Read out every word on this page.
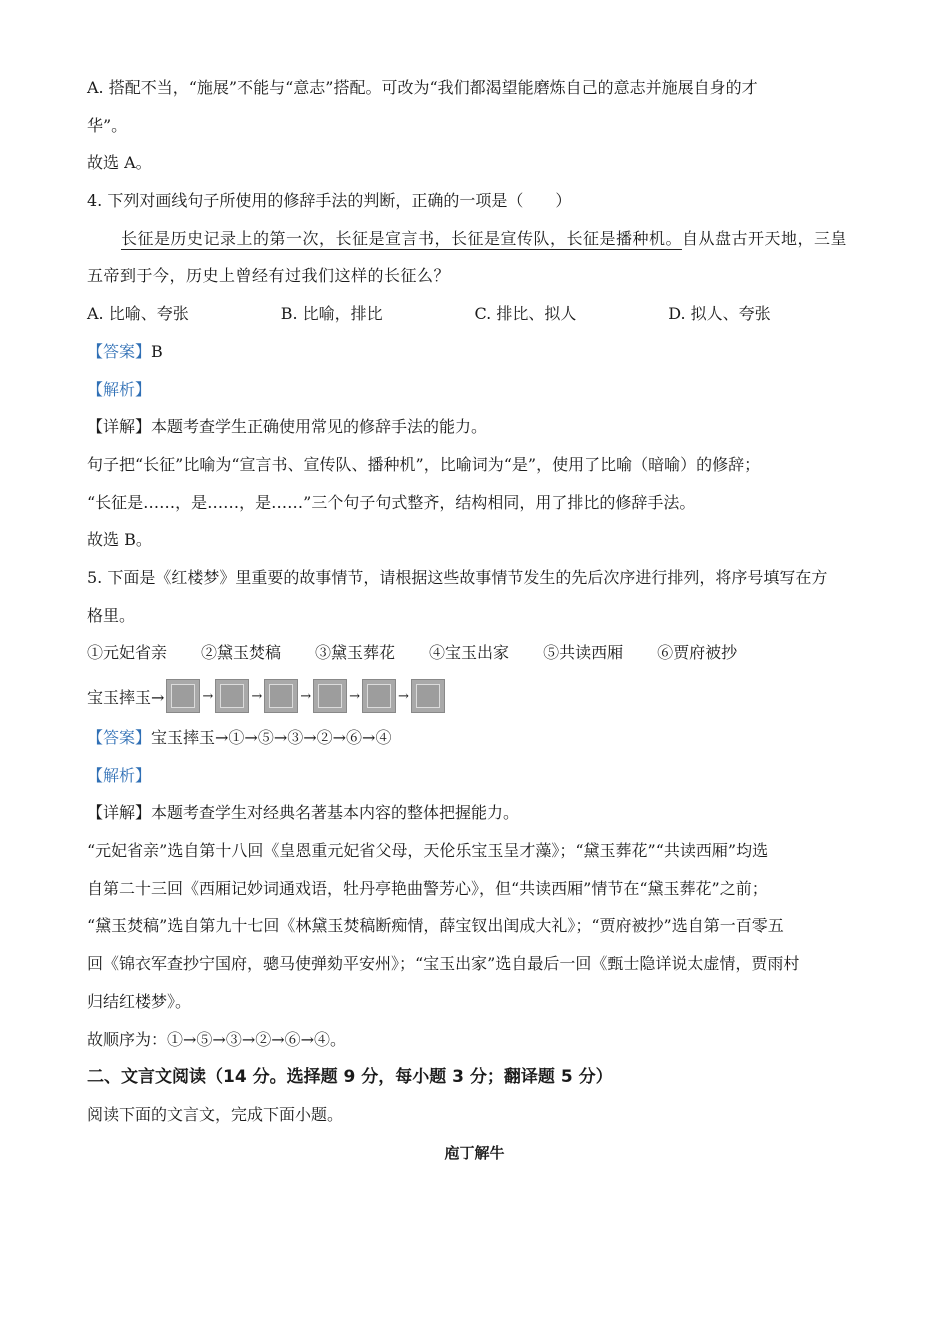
A. 搭配不当，“施展”不能与“意志”搭配。可改为“我们都渴望能磨炼自己的意志并施展自身的才
华”。
故选 A。
4. 下列对画线句子所使用的修辞手法的判断，正确的一项是（　　）
长征是历史记录上的第一次，长征是宣言书，长征是宣传队，长征是播种机。自从盘古开天地，三皇
五帝到于今，历史上曾经有过我们这样的长征么？
A. 比喻、夸张	B. 比喻，排比	C. 排比、拟人	D. 拟人、夸张
【答案】B
【解析】
【详解】本题考查学生正确使用常见的修辞手法的能力。
句子把“长征”比喻为“宣言书、宣传队、播种机”，比喻词为“是”，使用了比喻（暗喻）的修辞；
“长征是……，是……，是……”三个句子句式整齐，结构相同，用了排比的修辞手法。
故选 B。
5. 下面是《红楼梦》里重要的故事情节，请根据这些故事情节发生的先后次序进行排列，将序号填写在方
格里。
①元妃省亲 ②黛玉焚稿 ③黛玉葬花 ④宝玉出家 ⑤共读西厢 ⑥贾府被抄
宝玉摔玉→	→	→	→	→	→
【答案】宝玉摔玉→①→⑤→③→②→⑥→④
【解析】
【详解】本题考查学生对经典名著基本内容的整体把握能力。
“元妃省亲”选自第十八回《皇恩重元妃省父母，天伦乐宝玉呈才藻》；“黛玉葬花”“共读西厢”均选
自第二十三回《西厢记妙词通戏语，牡丹亭艳曲警芳心》，但“共读西厢”情节在“黛玉葬花”之前；
“黛玉焚稿”选自第九十七回《林黛玉焚稿断痴情，薛宝钗出闺成大礼》；“贾府被抄”选自第一百零五
回《锦衣军查抄宁国府，骢马使弹劾平安州》；“宝玉出家”选自最后一回《甄士隐详说太虚情，贾雨村
归结红楼梦》。
故顺序为：①→⑤→③→②→⑥→④。
二、文言文阅读（14 分。选择题 9 分，每小题 3 分；翻译题 5 分）
阅读下面的文言文，完成下面小题。
庖丁解牛
